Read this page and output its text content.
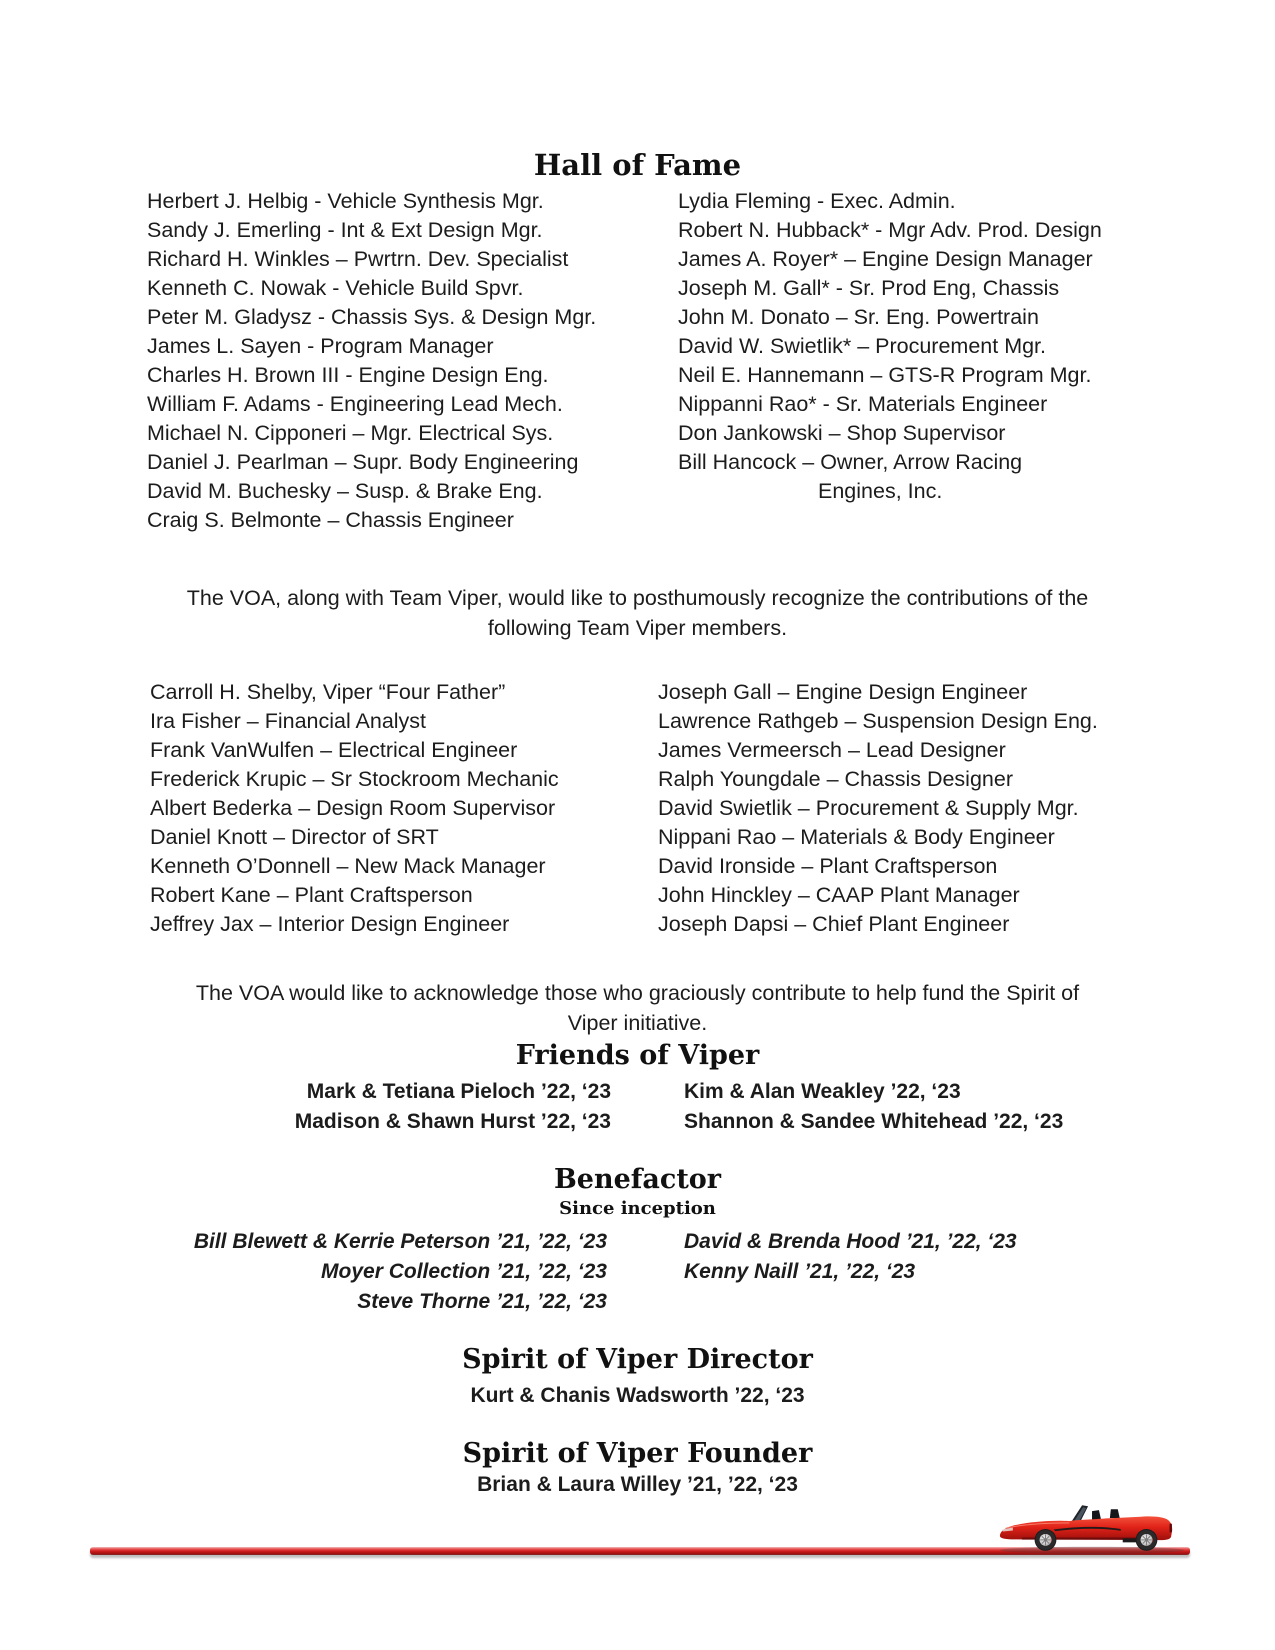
Hall of Fame
Herbert J. Helbig - Vehicle Synthesis Mgr.
Sandy J. Emerling - Int & Ext Design Mgr.
Richard H. Winkles – Pwrtrn. Dev. Specialist
Kenneth C. Nowak - Vehicle Build Spvr.
Peter M. Gladysz - Chassis Sys. & Design Mgr.
James L. Sayen - Program Manager
Charles H. Brown III - Engine Design Eng.
William F. Adams - Engineering Lead Mech.
Michael N. Cipponeri – Mgr. Electrical Sys.
Daniel J. Pearlman – Supr. Body Engineering
David M. Buchesky – Susp. & Brake Eng.
Craig S. Belmonte – Chassis Engineer
Lydia Fleming - Exec. Admin.
Robert N. Hubback* - Mgr Adv. Prod. Design
James A. Royer* – Engine Design Manager
Joseph M. Gall* - Sr. Prod Eng, Chassis
John M. Donato – Sr. Eng. Powertrain
David W. Swietlik* – Procurement Mgr.
Neil E. Hannemann – GTS-R Program Mgr.
Nippanni Rao* - Sr. Materials Engineer
Don Jankowski – Shop Supervisor
Bill Hancock – Owner, Arrow Racing
Engines, Inc.
The VOA, along with Team Viper, would like to posthumously recognize the contributions of the
following Team Viper members.
Carroll H. Shelby, Viper “Four Father”
Ira Fisher – Financial Analyst
Frank VanWulfen – Electrical Engineer
Frederick Krupic – Sr Stockroom Mechanic
Albert Bederka – Design Room Supervisor
Daniel Knott – Director of SRT
Kenneth O’Donnell – New Mack Manager
Robert Kane – Plant Craftsperson
Jeffrey Jax – Interior Design Engineer
Joseph Gall – Engine Design Engineer
Lawrence Rathgeb – Suspension Design Eng.
James Vermeersch – Lead Designer
Ralph Youngdale – Chassis Designer
David Swietlik – Procurement & Supply Mgr.
Nippani Rao – Materials & Body Engineer
David Ironside – Plant Craftsperson
John Hinckley – CAAP Plant Manager
Joseph Dapsi – Chief Plant Engineer
The VOA would like to acknowledge those who graciously contribute to help fund the Spirit of
Viper initiative.
Friends of Viper
Mark & Tetiana Pieloch ’22, ‘23	Kim & Alan Weakley ’22, ‘23
Madison & Shawn Hurst ’22, ‘23	Shannon & Sandee Whitehead ’22, ‘23
Benefactor
Since inception
Bill Blewett & Kerrie Peterson ’21, ’22, ‘23	David & Brenda Hood ’21, ’22, ‘23
Moyer Collection ’21, ’22, ‘23	Kenny Naill ’21, ’22, ‘23
Steve Thorne ’21, ’22, ‘23
Spirit of Viper Director
Kurt & Chanis Wadsworth ’22, ‘23
Spirit of Viper Founder
Brian & Laura Willey ’21, ’22, ‘23
